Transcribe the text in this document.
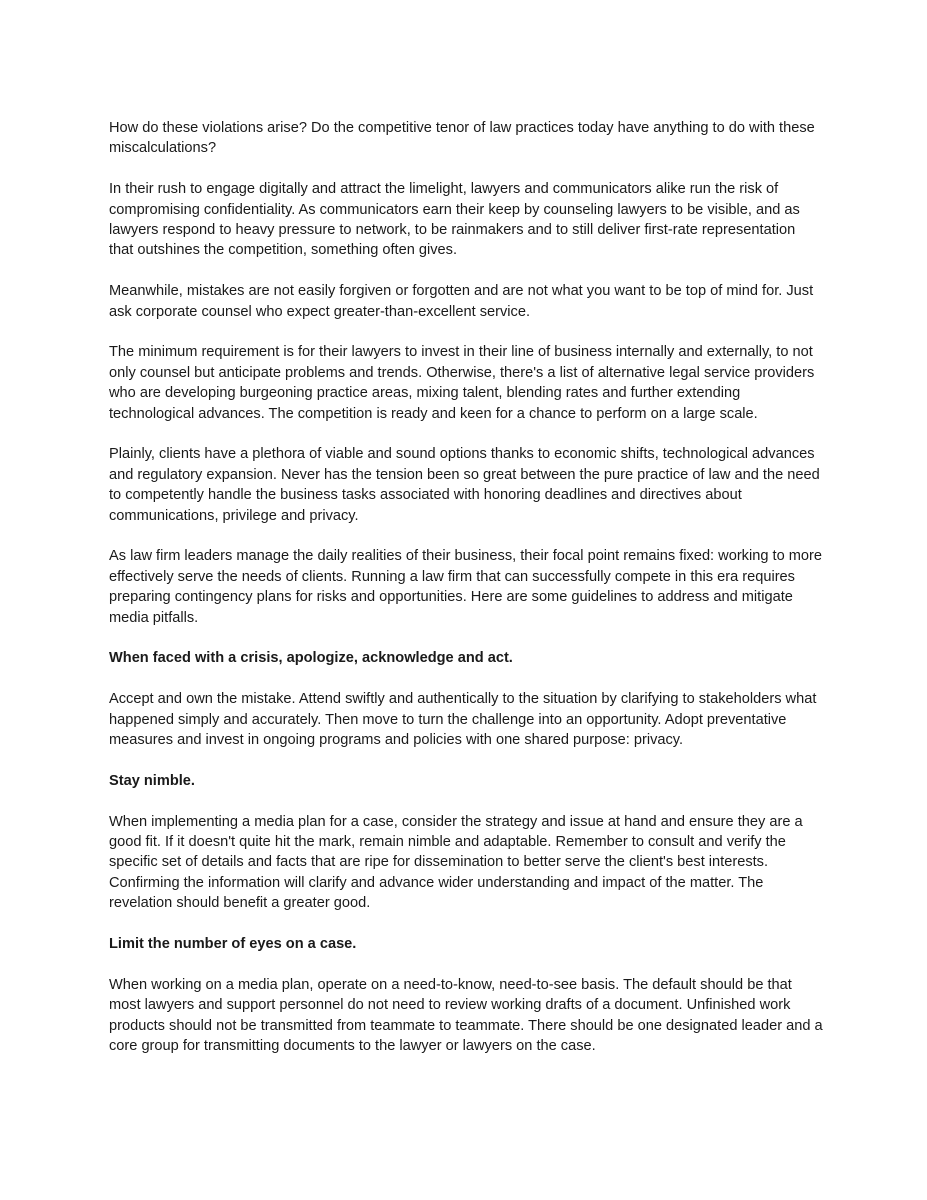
How do these violations arise? Do the competitive tenor of law practices today have anything to do with these miscalculations?

In their rush to engage digitally and attract the limelight, lawyers and communicators alike run the risk of compromising confidentiality. As communicators earn their keep by counseling lawyers to be visible, and as lawyers respond to heavy pressure to network, to be rainmakers and to still deliver first-rate representation that outshines the competition, something often gives.

Meanwhile, mistakes are not easily forgiven or forgotten and are not what you want to be top of mind for. Just ask corporate counsel who expect greater-than-excellent service.

The minimum requirement is for their lawyers to invest in their line of business internally and externally, to not only counsel but anticipate problems and trends. Otherwise, there's a list of alternative legal service providers who are developing burgeoning practice areas, mixing talent, blending rates and further extending technological advances. The competition is ready and keen for a chance to perform on a large scale.

Plainly, clients have a plethora of viable and sound options thanks to economic shifts, technological advances and regulatory expansion. Never has the tension been so great between the pure practice of law and the need to competently handle the business tasks associated with honoring deadlines and directives about communications, privilege and privacy.

As law firm leaders manage the daily realities of their business, their focal point remains fixed: working to more effectively serve the needs of clients. Running a law firm that can successfully compete in this era requires preparing contingency plans for risks and opportunities. Here are some guidelines to address and mitigate media pitfalls.

When faced with a crisis, apologize, acknowledge and act.

Accept and own the mistake. Attend swiftly and authentically to the situation by clarifying to stakeholders what happened simply and accurately. Then move to turn the challenge into an opportunity. Adopt preventative measures and invest in ongoing programs and policies with one shared purpose: privacy.

Stay nimble.

When implementing a media plan for a case, consider the strategy and issue at hand and ensure they are a good fit. If it doesn't quite hit the mark, remain nimble and adaptable. Remember to consult and verify the specific set of details and facts that are ripe for dissemination to better serve the client's best interests. Confirming the information will clarify and advance wider understanding and impact of the matter. The revelation should benefit a greater good.

Limit the number of eyes on a case.

When working on a media plan, operate on a need-to-know, need-to-see basis. The default should be that most lawyers and support personnel do not need to review working drafts of a document. Unfinished work products should not be transmitted from teammate to teammate. There should be one designated leader and a core group for transmitting documents to the lawyer or lawyers on the case.
